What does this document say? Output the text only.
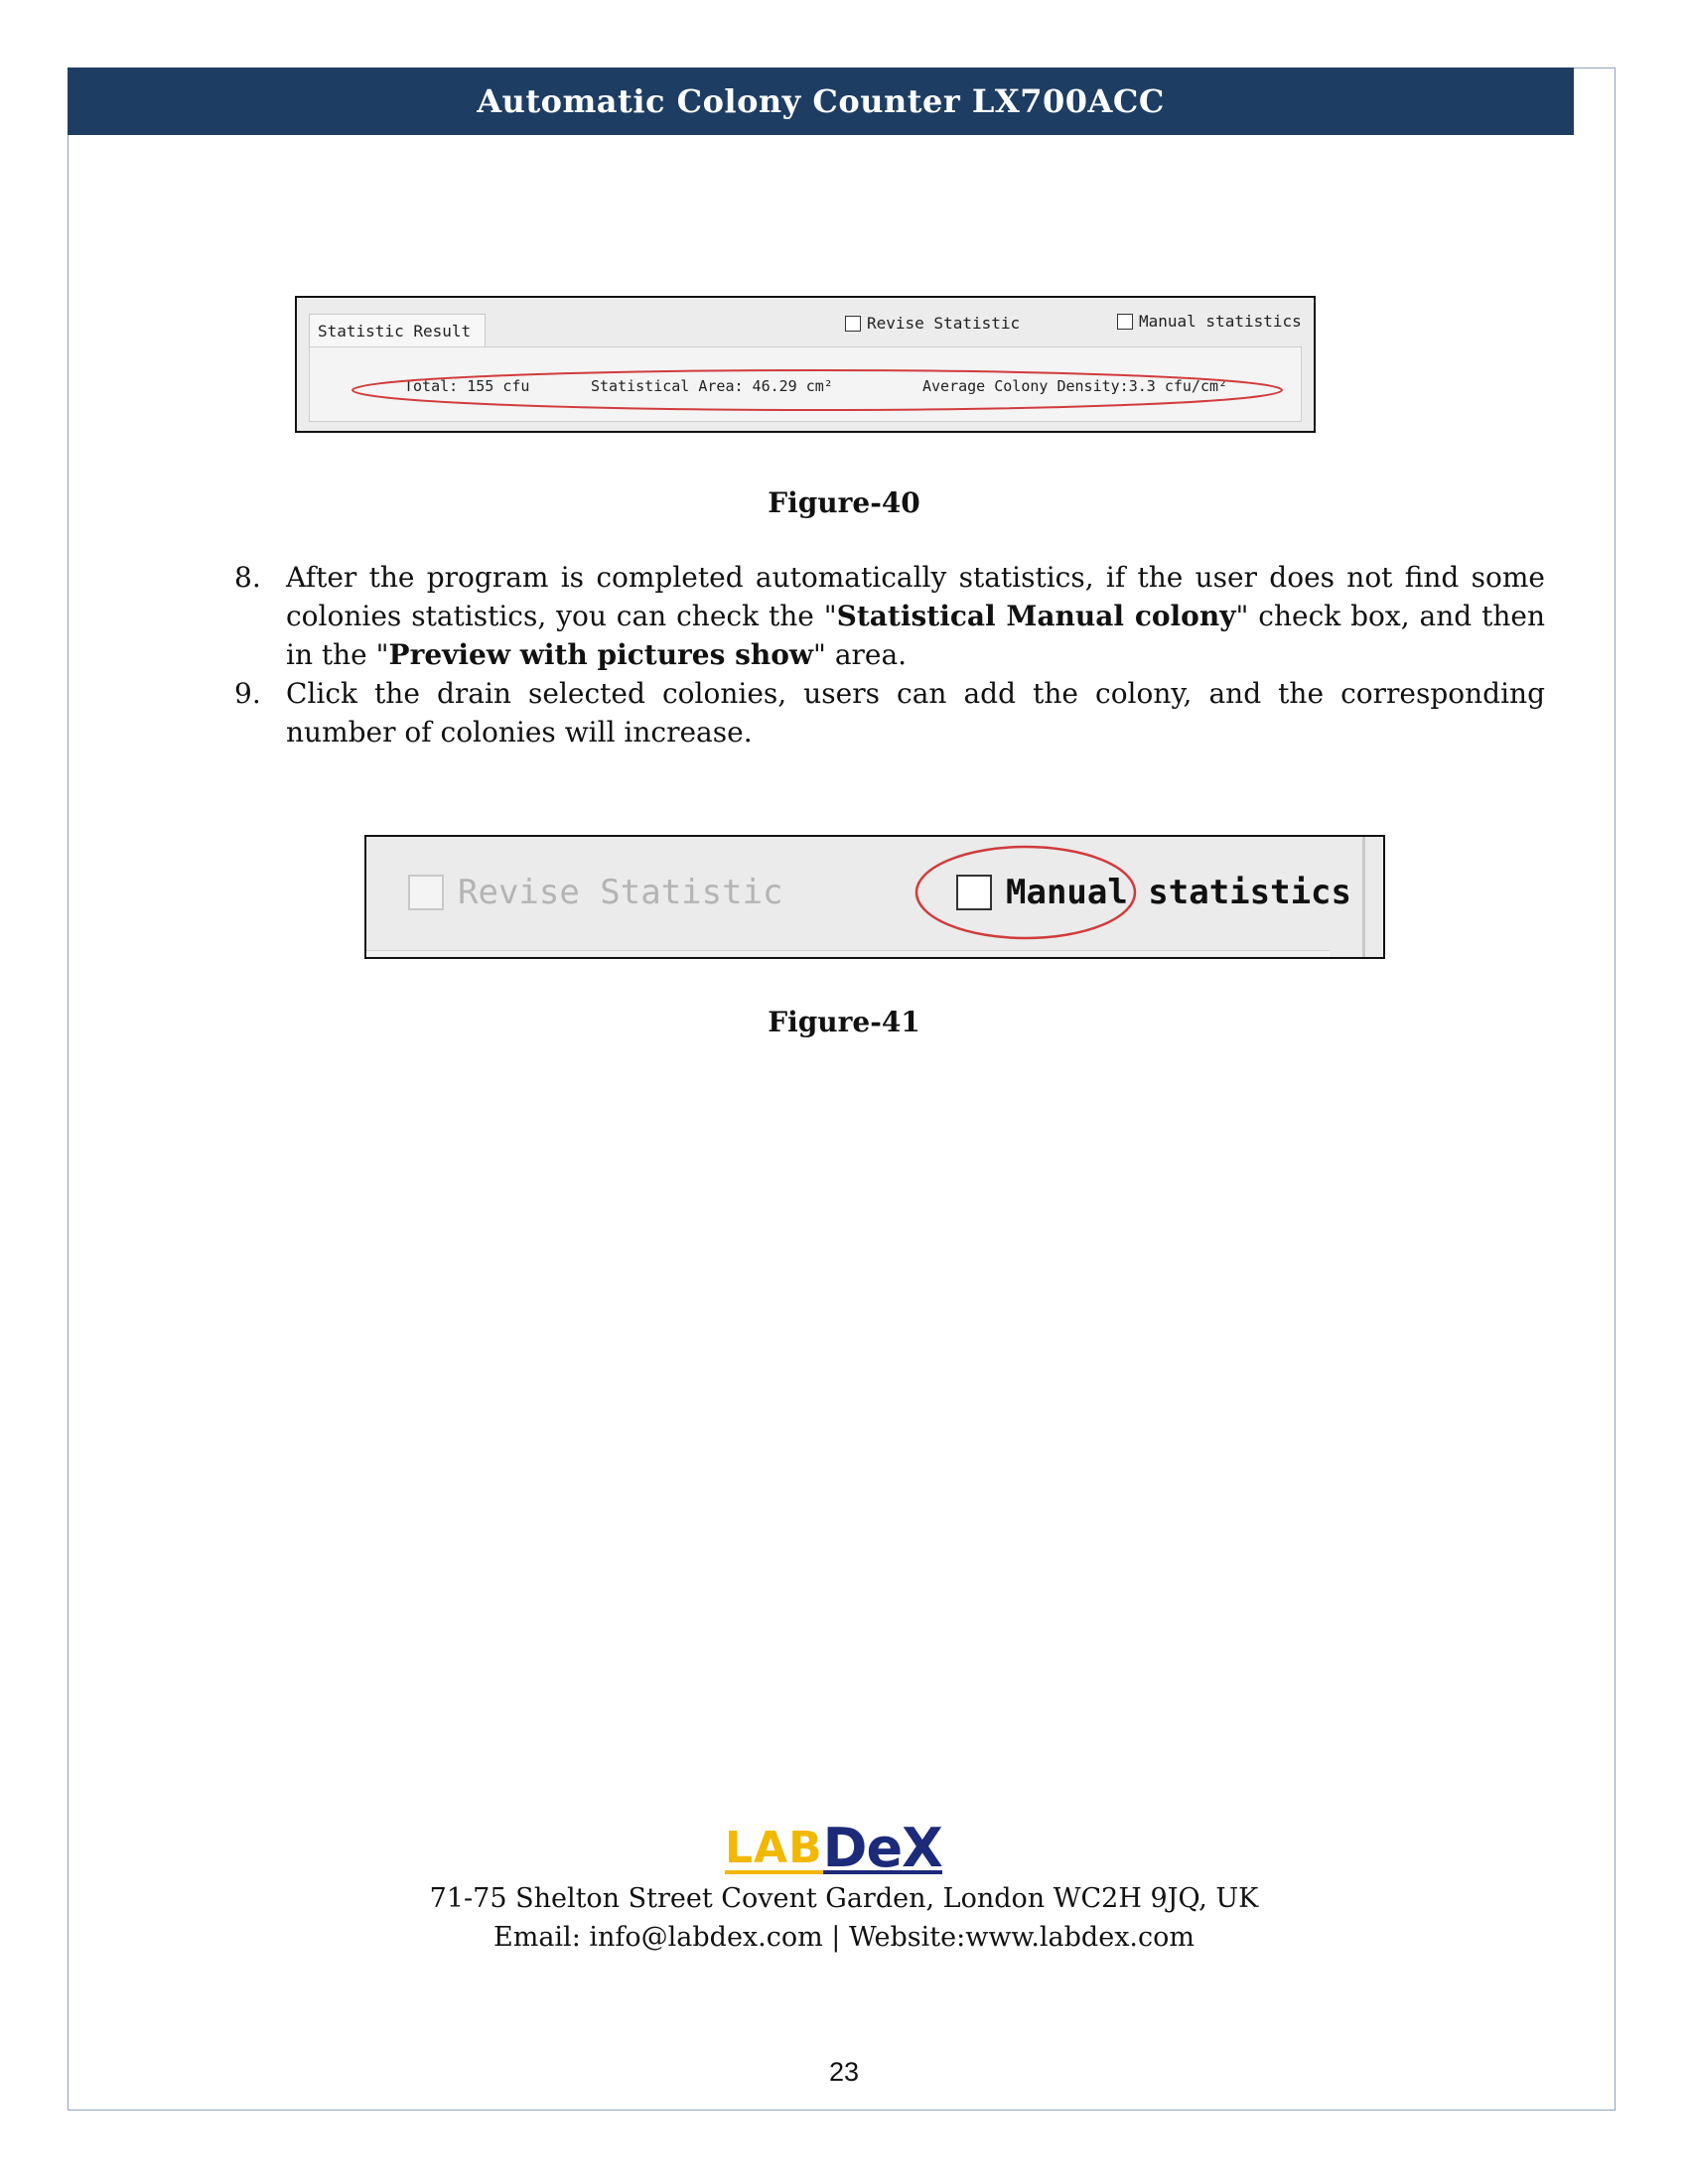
Automatic Colony Counter LX700ACC
Statistic Result	Revise Statistic	Manual statistics
Total: 155 cfu	Statistical Area: 46.29 cm²	Average Colony Density:3.3 cfu/cm²
Figure-40
8. After the program is completed automatically statistics, if the user does not find some colonies statistics, you can check the "Statistical Manual colony" check box, and then in the "Preview with pictures show" area.
9. Click the drain selected colonies, users can add the colony, and the corresponding number of colonies will increase.
Revise Statistic	Manual statistics
Figure-41
LAB DeX
71-75 Shelton Street Covent Garden, London WC2H 9JQ, UK
Email: info@labdex.com | Website:www.labdex.com
23
